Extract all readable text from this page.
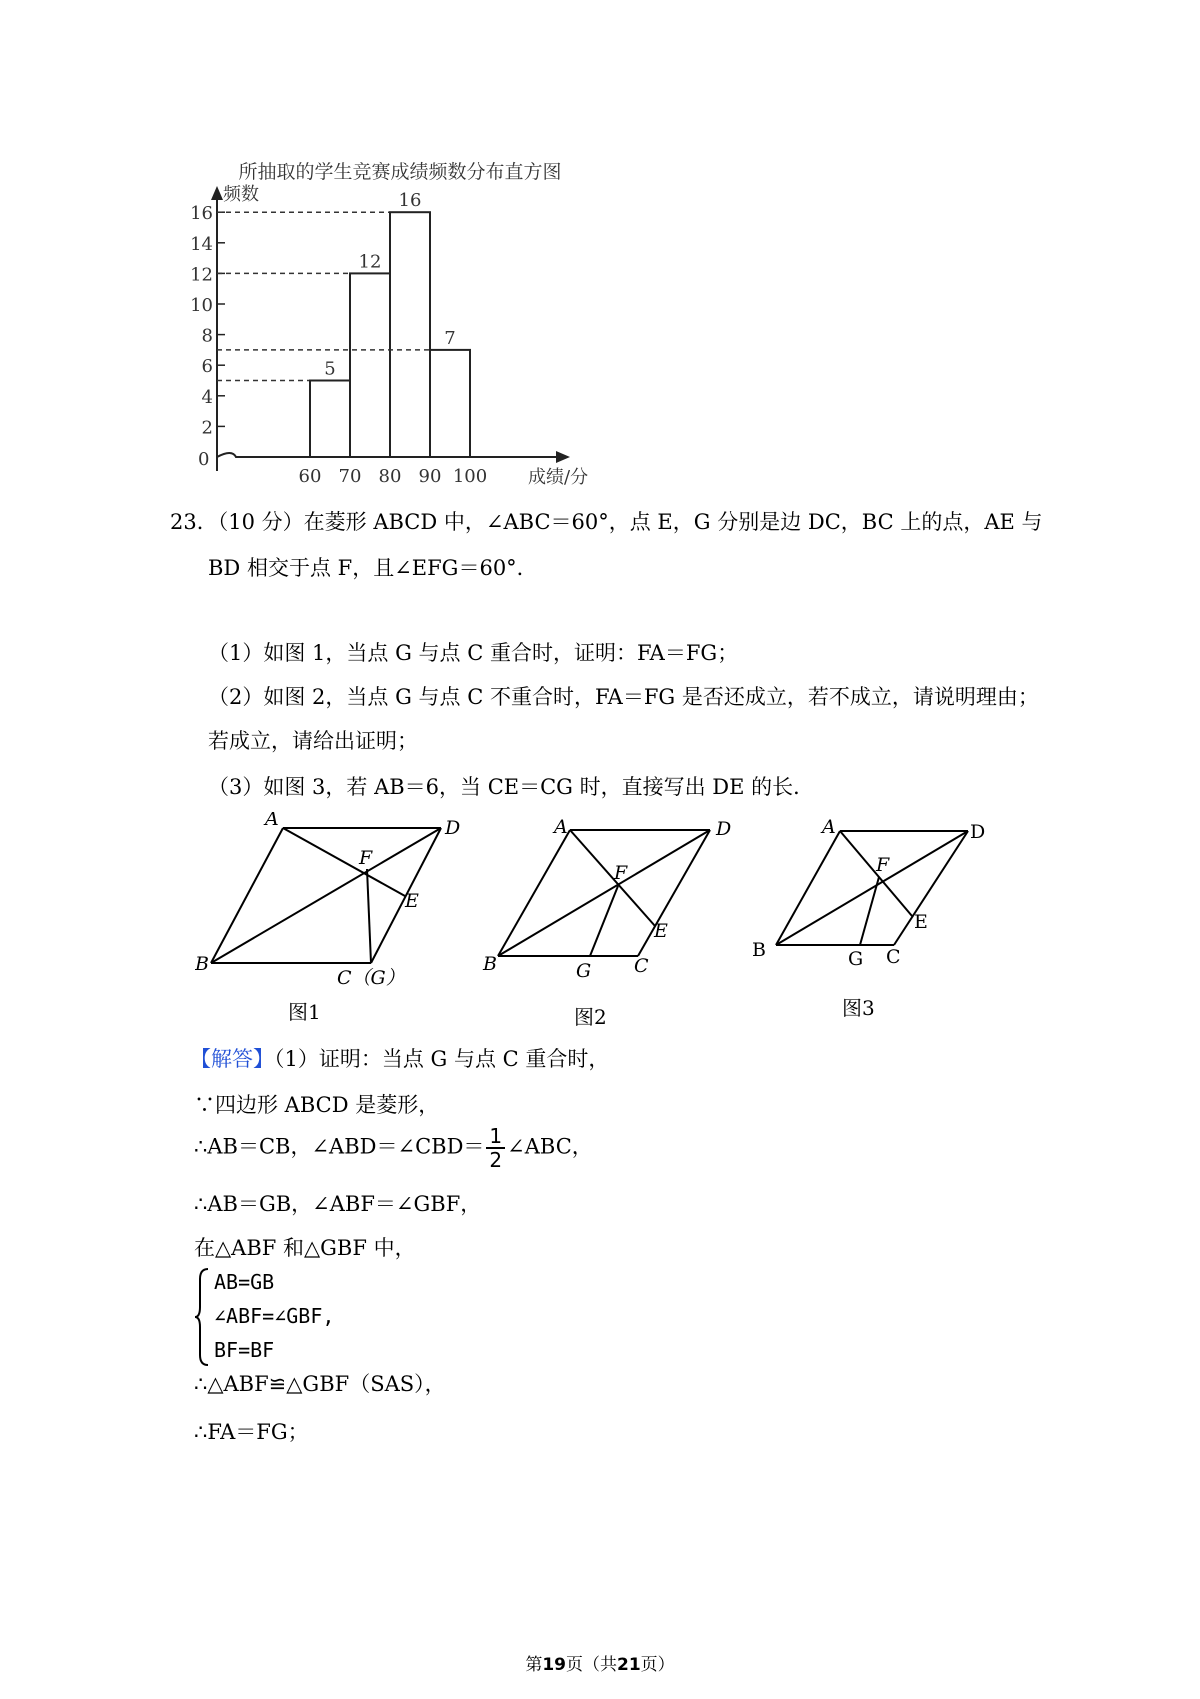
所抽取的学生竞赛成绩频数分布直方图
频数
成绩/分
0
2
4
6
8
10
12
14
16
60 70 80 90 100
5
12
16
7
23．（10 分）在菱形 ABCD 中，∠ABC＝60°，点 E，G 分别是边 DC，BC 上的点，AE 与
BD 相交于点 F，且∠EFG＝60°．
（1）如图 1，当点 G 与点 C 重合时，证明：FA＝FG；
（2）如图 2，当点 G 与点 C 不重合时，FA＝FG 是否还成立，若不成立，请说明理由；
若成立，请给出证明；
（3）如图 3，若 AB＝6，当 CE＝CG 时，直接写出 DE 的长．
A	D
F
E
B
C（G）
图1
A	D
F
E
B	G C
图2
A	D
F
E
B	G C
图3
【解答】（1）证明：当点 G 与点 C 重合时，
∵四边形 ABCD 是菱形，
∴AB＝CB，∠ABD＝∠CBD＝ $\frac{1}{2}$ ∠ABC，
∴AB＝GB，∠ABF＝∠GBF，
在△ABF 和△GBF 中，
AB=GB
∠ABF=∠GBF,
BF=BF
∴△ABF≌△GBF（SAS），
∴FA＝FG；
第19页（共21页）
